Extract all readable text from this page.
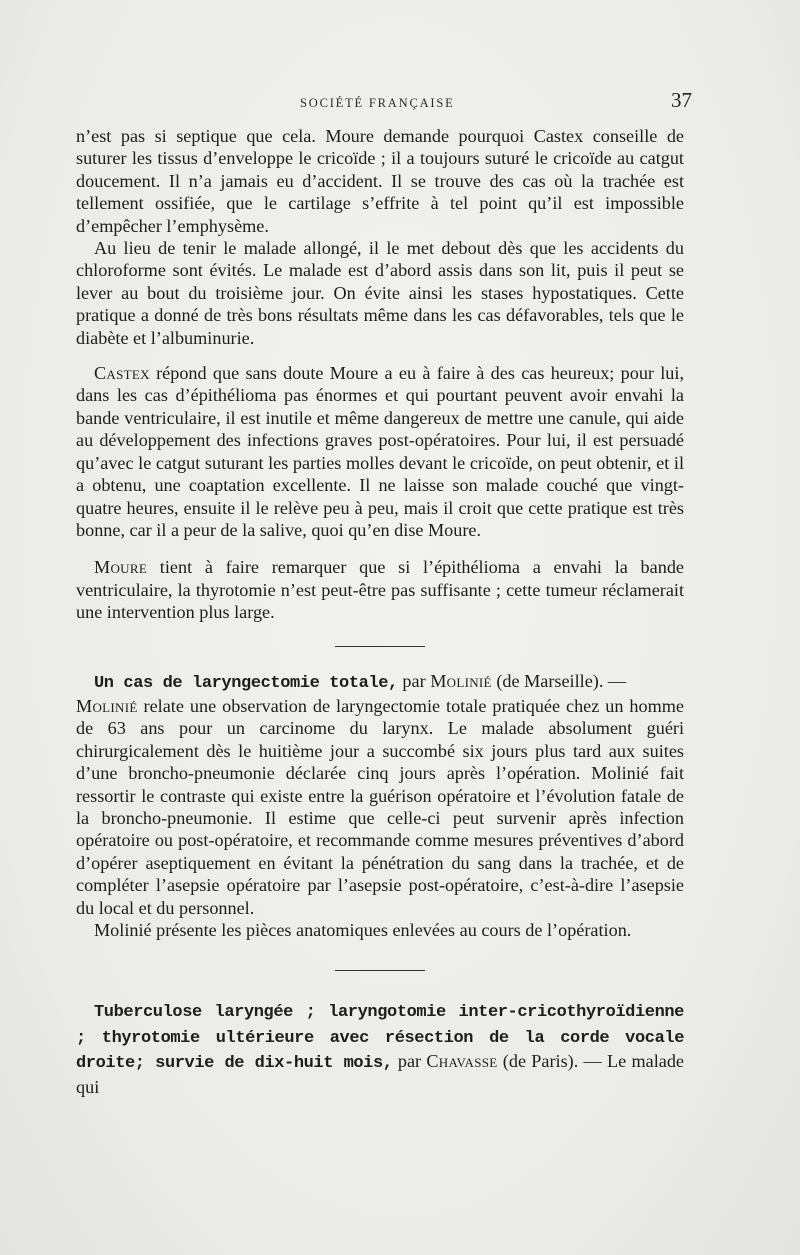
SOCIÉTÉ FRANÇAISE	37

n’est pas si septique que cela. Moure demande pourquoi Castex conseille de suturer les tissus d’enveloppe le cricoïde ; il a toujours suturé le cricoïde au catgut doucement. Il n’a jamais eu d’accident. Il se trouve des cas où la trachée est tellement ossifiée, que le cartilage s’effrite à tel point qu’il est impossible d’empêcher l’emphysème.

Au lieu de tenir le malade allongé, il le met debout dès que les accidents du chloroforme sont évités. Le malade est d’abord assis dans son lit, puis il peut se lever au bout du troisième jour. On évite ainsi les stases hypostatiques. Cette pratique a donné de très bons résultats même dans les cas défavorables, tels que le diabète et l’albuminurie.

Castex répond que sans doute Moure a eu à faire à des cas heureux; pour lui, dans les cas d’épithélioma pas énormes et qui pourtant peuvent avoir envahi la bande ventriculaire, il est inutile et même dangereux de mettre une canule, qui aide au développement des infections graves post-opératoires. Pour lui, il est persuadé qu’avec le catgut suturant les parties molles devant le cricoïde, on peut obtenir, et il a obtenu, une coaptation excellente. Il ne laisse son malade couché que vingt-quatre heures, ensuite il le relève peu à peu, mais il croit que cette pratique est très bonne, car il a peur de la salive, quoi qu’en dise Moure.

Moure tient à faire remarquer que si l’épithélioma a envahi la bande ventriculaire, la thyrotomie n’est peut-être pas suffisante ; cette tumeur réclamerait une intervention plus large.

Un cas de laryngectomie totale, par Molinié (de Marseille). —
Molinié relate une observation de laryngectomie totale pratiquée chez un homme de 63 ans pour un carcinome du larynx. Le malade absolument guéri chirurgicalement dès le huitième jour a succombé six jours plus tard aux suites d’une broncho-pneumonie déclarée cinq jours après l’opération. Molinié fait ressortir le contraste qui existe entre la guérison opératoire et l’évolution fatale de la broncho-pneumonie. Il estime que celle-ci peut survenir après infection opératoire ou post-opératoire, et recommande comme mesures préventives d’abord d’opérer aseptiquement en évitant la pénétration du sang dans la trachée, et de compléter l’asepsie opératoire par l’asepsie post-opératoire, c’est-à-dire l’asepsie du local et du personnel.

Molinié présente les pièces anatomiques enlevées au cours de l’opération.

Tuberculose laryngée ; laryngotomie inter-cricothyroïdienne ; thyrotomie ultérieure avec résection de la corde vocale droite; survie de dix-huit mois, par Chavasse (de Paris). — Le malade qui
